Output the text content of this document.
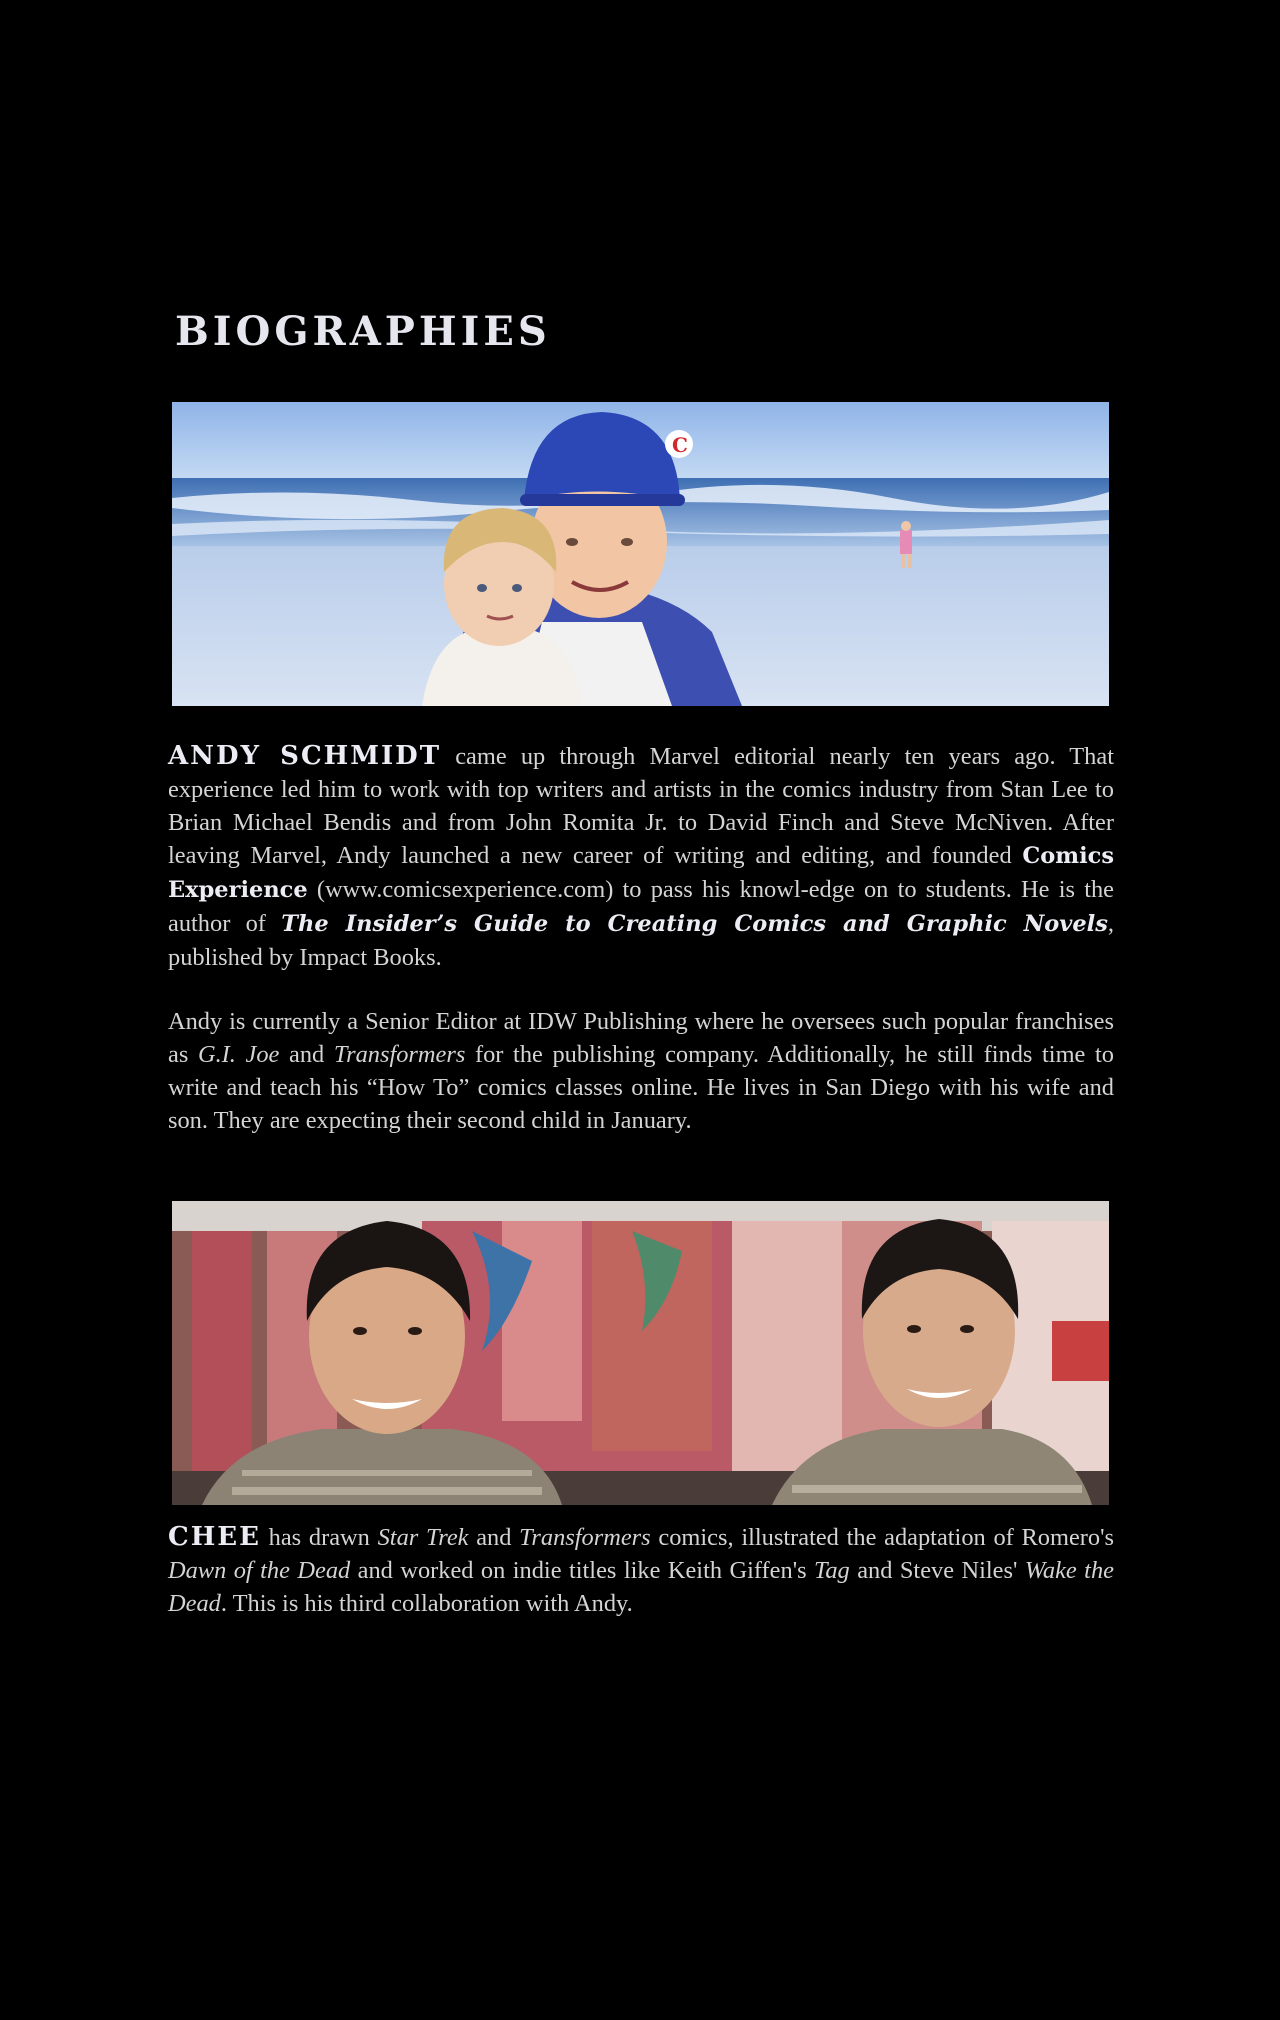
BIOGRAPHIES
C

ANDY SCHMIDT came up through Marvel editorial nearly ten years ago. That experience led him to work with top writers and artists in the comics industry from Stan Lee to Brian Michael Bendis and from John Romita Jr. to David Finch and Steve McNiven. After leaving Marvel, Andy launched a new career of writing and editing, and founded Comics Experience (www.comicsexperience.com) to pass his knowl-edge on to students. He is the author of The Insider’s Guide to Creating Comics and Graphic Novels, published by Impact Books.

Andy is currently a Senior Editor at IDW Publishing where he oversees such popular franchises as G.I. Joe and Transformers for the publishing company. Additionally, he still finds time to write and teach his “How To” comics classes online. He lives in San Diego with his wife and son. They are expecting their second child in January.

CHEE has drawn Star Trek and Transformers comics, illustrated the adaptation of Romero's Dawn of the Dead and worked on indie titles like Keith Giffen's Tag and Steve Niles' Wake the Dead. This is his third collaboration with Andy.
